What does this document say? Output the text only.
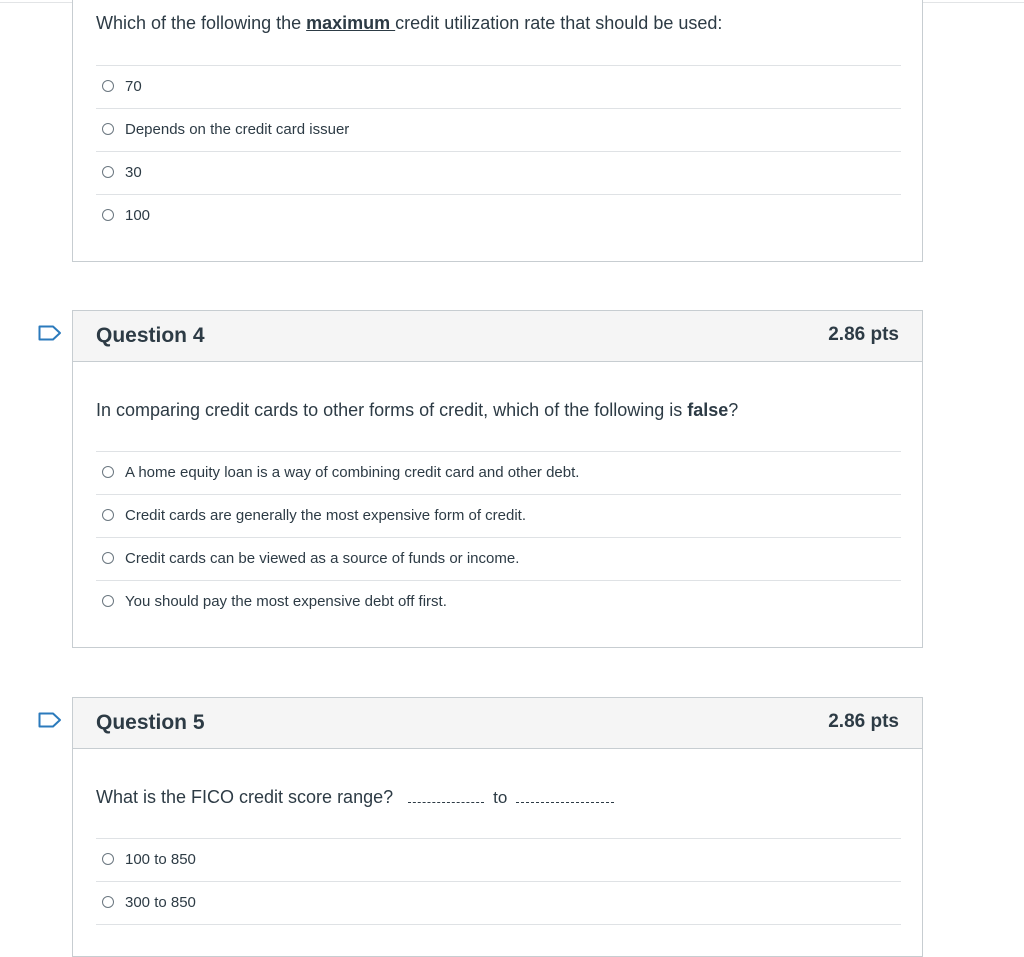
Which of the following the maximum credit utilization rate that should be used:
70
Depends on the credit card issuer
30
100
Question 4	2.86 pts
In comparing credit cards to other forms of credit, which of the following is false?
A home equity loan is a way of combining credit card and other debt.
Credit cards are generally the most expensive form of credit.
Credit cards can be viewed as a source of funds or income.
You should pay the most expensive debt off first.
Question 5	2.86 pts
What is the FICO credit score range?	to
100 to 850
300 to 850
